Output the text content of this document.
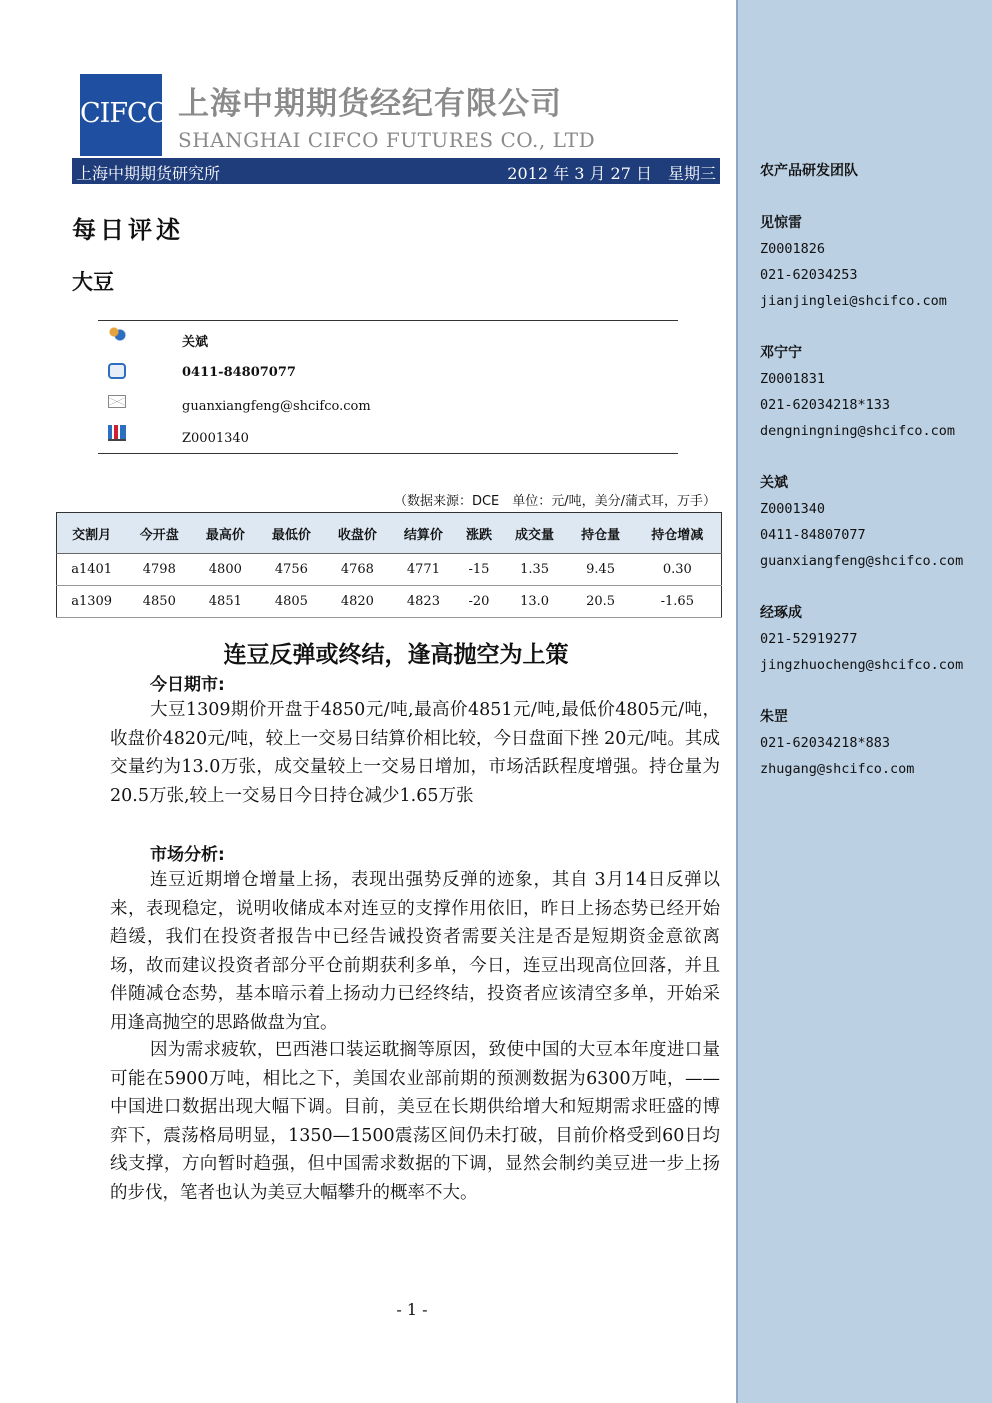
CIFCO 上海中期期货经纪有限公司
SHANGHAI CIFCO FUTURES CO., LTD
上海中期期货研究所	2012 年 3 月 27 日　星期三
每日评述
大豆
关斌
0411-84807077
guanxiangfeng@shcifco.com
Z0001340
（数据来源：DCE　单位：元/吨，美分/蒲式耳，万手）
交割月	今开盘	最高价	最低价	收盘价	结算价	涨跌	成交量	持仓量	持仓增减
a1401	4798	4800	4756	4768	4771	-15	1.35	9.45	0.30
a1309	4850	4851	4805	4820	4823	-20	13.0	20.5	-1.65
连豆反弹或终结，逢高抛空为上策
今日期市:
大豆1309期价开盘于4850元/吨,最高价4851元/吨,最低价4805元/吨，收盘价4820元/吨，较上一交易日结算价相比较，今日盘面下挫 20元/吨。其成交量约为13.0万张，成交量较上一交易日增加，市场活跃程度增强。持仓量为20.5万张,较上一交易日今日持仓减少1.65万张
市场分析:
连豆近期增仓增量上扬，表现出强势反弹的迹象，其自 3月14日反弹以来，表现稳定，说明收储成本对连豆的支撑作用依旧，昨日上扬态势已经开始趋缓，我们在投资者报告中已经告诫投资者需要关注是否是短期资金意欲离场，故而建议投资者部分平仓前期获利多单，今日，连豆出现高位回落，并且伴随减仓态势，基本暗示着上扬动力已经终结，投资者应该清空多单，开始采用逢高抛空的思路做盘为宜。
因为需求疲软，巴西港口装运耽搁等原因，致使中国的大豆本年度进口量可能在5900万吨，相比之下，美国农业部前期的预测数据为6300万吨，——中国进口数据出现大幅下调。目前，美豆在长期供给增大和短期需求旺盛的博弈下，震荡格局明显，1350—1500震荡区间仍未打破，目前价格受到60日均线支撑，方向暂时趋强，但中国需求数据的下调，显然会制约美豆进一步上扬的步伐，笔者也认为美豆大幅攀升的概率不大。
- 1 -
农产品研发团队
见惊雷
Z0001826
021-62034253
jianjinglei@shcifco.com
邓宁宁
Z0001831
021-62034218*133
dengningning@shcifco.com
关斌
Z0001340
0411-84807077
guanxiangfeng@shcifco.com
经琢成
021-52919277
jingzhuocheng@shcifco.com
朱罡
021-62034218*883
zhugang@shcifco.com
